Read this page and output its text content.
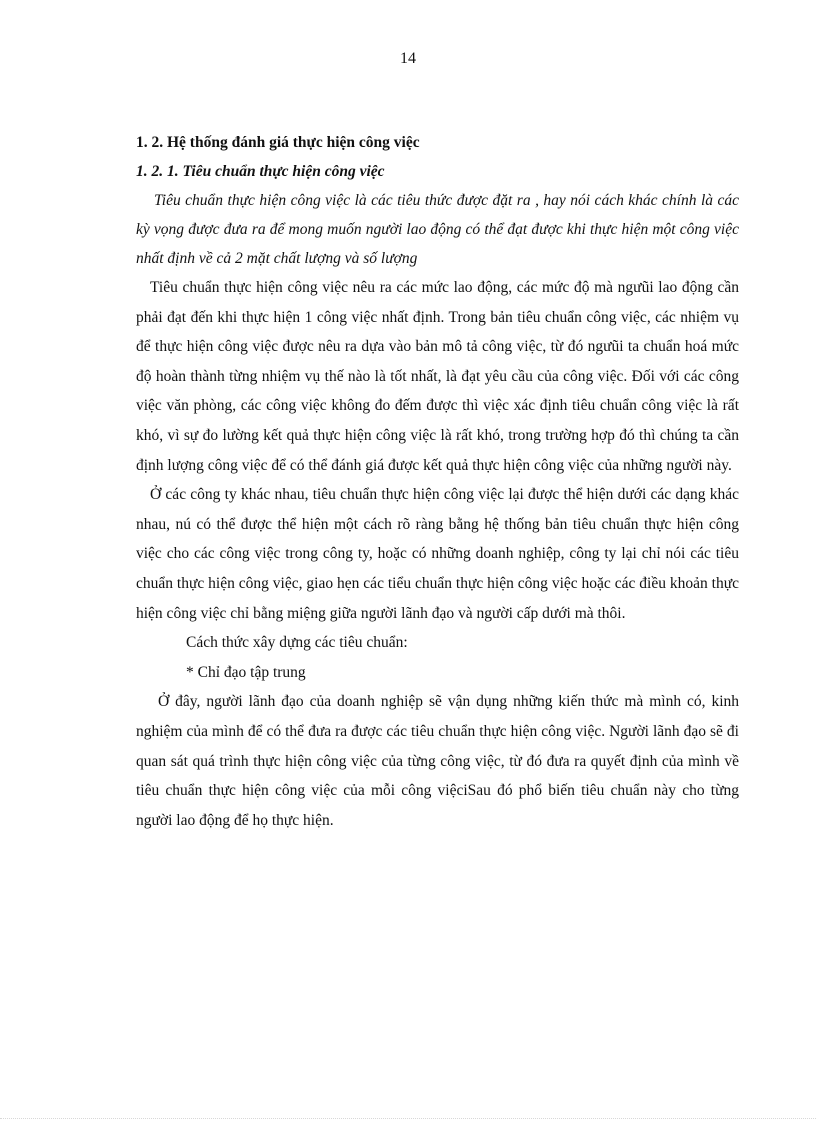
14

1. 2. Hệ thống đánh giá thực hiện công việc

1. 2. 1. Tiêu chuẩn thực hiện công việc

Tiêu chuẩn thực hiện công việc là các tiêu thức được đặt ra , hay nói cách khác chính là các kỳ vọng được đưa ra để mong muốn người lao động có thể đạt được khi thực hiện một công việc nhất định về cả 2 mặt chất lượng và số lượng

Tiêu chuẩn thực hiện công việc nêu ra các mức lao động, các mức độ mà ngưũi lao động cần phải đạt đến khi thực hiện 1 công việc nhất định. Trong bản tiêu chuẩn công việc, các nhiệm vụ để thực hiện công việc được nêu ra dựa vào bản mô tả công việc, từ đó ngưũi ta chuẩn hoá mức độ hoàn thành từng nhiệm vụ thế nào là tốt nhất, là đạt yêu cầu của công việc. Đối với các công việc văn phòng, các công việc không đo đếm được thì việc xác định tiêu chuẩn công việc là rất khó, vì sự đo lường kết quả thực hiện công việc là rất khó, trong trường hợp đó thì chúng ta cần định lượng công việc để có thể đánh giá được kết quả thực hiện công việc của những người này.

Ở các công ty khác nhau, tiêu chuẩn thực hiện công việc lại được thể hiện dưới các dạng khác nhau, nú có thể được thể hiện một cách rõ ràng bằng hệ thống bản tiêu chuẩn thực hiện công việc cho các công việc trong công ty, hoặc có những doanh nghiệp, công ty lại chỉ nói các tiêu chuẩn thực hiện công việc, giao hẹn các tiểu chuẩn thực hiện công việc hoặc các điều khoản thực hiện công việc chỉ bằng miệng giữa người lãnh đạo và người cấp dưới mà thôi.

Cách thức xây dựng các tiêu chuẩn:

* Chỉ đạo tập trung

Ở đây, người lãnh đạo của doanh nghiệp sẽ vận dụng những kiến thức mà mình có, kinh nghiệm của mình để có thể đưa ra được các tiêu chuẩn thực hiện công việc. Người lãnh đạo sẽ đi quan sát quá trình thực hiện công việc của từng công việc, từ đó đưa ra quyết định của mình về tiêu chuẩn thực hiện công việc của mỗi công việciSau đó phổ biến tiêu chuẩn này cho từng người lao động để họ thực hiện.
